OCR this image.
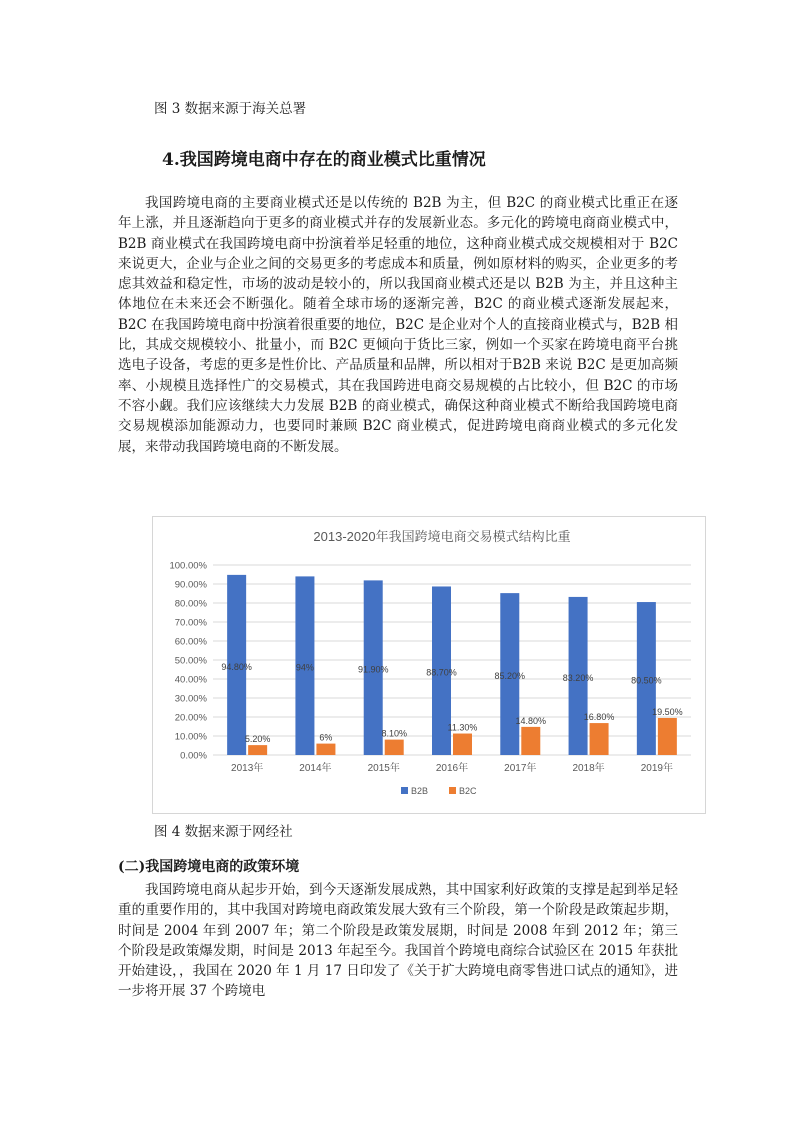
图 3 数据来源于海关总署
4.我国跨境电商中存在的商业模式比重情况

我国跨境电商的主要商业模式还是以传统的 B2B 为主，但 B2C 的商业模式比重正在逐年上涨，并且逐渐趋向于更多的商业模式并存的发展新业态。多元化的跨境电商商业模式中，B2B 商业模式在我国跨境电商中扮演着举足轻重的地位，这种商业模式成交规模相对于 B2C 来说更大，企业与企业之间的交易更多的考虑成本和质量，例如原材料的购买，企业更多的考虑其效益和稳定性，市场的波动是较小的，所以我国商业模式还是以 B2B 为主，并且这种主体地位在未来还会不断强化。随着全球市场的逐渐完善，B2C 的商业模式逐渐发展起来，B2C 在我国跨境电商中扮演着很重要的地位，B2C 是企业对个人的直接商业模式与，B2B 相比，其成交规模较小、批量小，而 B2C 更倾向于货比三家，例如一个买家在跨境电商平台挑选电子设备，考虑的更多是性价比、产品质量和品牌，所以相对于B2B 来说 B2C 是更加高频率、小规模且选择性广的交易模式，其在我国跨进电商交易规模的占比较小，但 B2C 的市场不容小觑。我们应该继续大力发展 B2B 的商业模式，确保这种商业模式不断给我国跨境电商交易规模添加能源动力，也要同时兼顾 B2C 商业模式，促进跨境电商商业模式的多元化发展，来带动我国跨境电商的不断发展。

2013-2020年我国跨境电商交易模式结构比重
0.00%
10.00%
20.00%
30.00%
40.00%
50.00%
60.00%
70.00%
80.00%
90.00%
100.00%
94.80%
5.20%
2013年
94%
6%
2014年
91.90%
8.10%
2015年
88.70%
11.30%
2016年
85.20%
14.80%
2017年
83.20%
16.80%
2018年
80.50%
19.50%
2019年
B2B	B2C
图 4 数据来源于网经社
(二)我国跨境电商的政策环境

我国跨境电商从起步开始，到今天逐渐发展成熟，其中国家利好政策的支撑是起到举足轻重的重要作用的，其中我国对跨境电商政策发展大致有三个阶段，第一个阶段是政策起步期，时间是 2004 年到 2007 年；第二个阶段是政策发展期，时间是 2008 年到 2012 年；第三个阶段是政策爆发期，时间是 2013 年起至今。我国首个跨境电商综合试验区在 2015 年获批开始建设，，我国在 2020 年 1 月 17 日印发了《关于扩大跨境电商零售进口试点的通知》，进一步将开展 37 个跨境电
